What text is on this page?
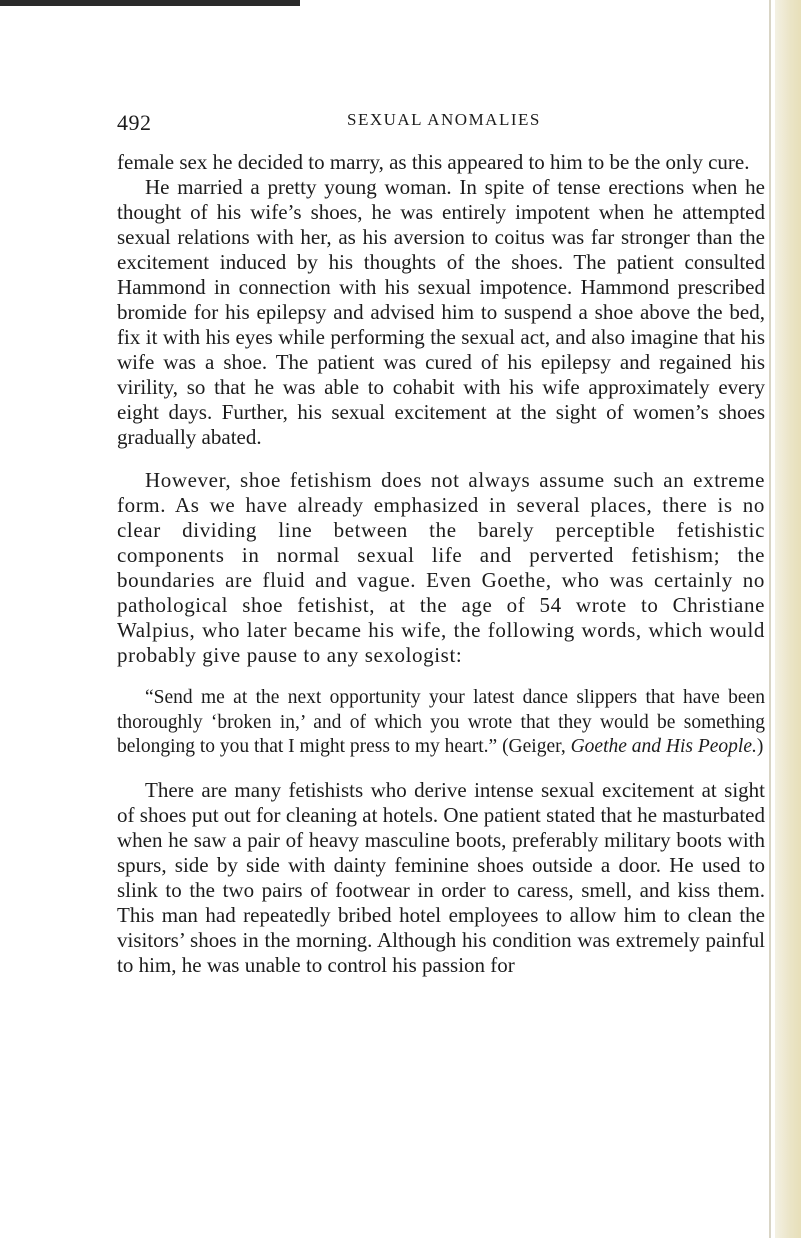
492	SEXUAL ANOMALIES

female sex he decided to marry, as this appeared to him to be the only cure.

He married a pretty young woman. In spite of tense erections when he thought of his wife’s shoes, he was entirely impotent when he attempted sexual relations with her, as his aversion to coitus was far stronger than the excitement induced by his thoughts of the shoes. The patient consulted Hammond in connection with his sexual impotence. Hammond prescribed bromide for his epilepsy and advised him to suspend a shoe above the bed, fix it with his eyes while performing the sexual act, and also imagine that his wife was a shoe. The patient was cured of his epilepsy and regained his virility, so that he was able to cohabit with his wife approximately every eight days. Further, his sexual excitement at the sight of women’s shoes gradually abated.

However, shoe fetishism does not always assume such an extreme form. As we have already emphasized in several places, there is no clear dividing line between the barely perceptible fetishistic components in normal sexual life and perverted fetishism; the boundaries are fluid and vague. Even Goethe, who was certainly no pathological shoe fetishist, at the age of 54 wrote to Christiane Walpius, who later became his wife, the following words, which would probably give pause to any sexologist:

“Send me at the next opportunity your latest dance slippers that have been thoroughly ‘broken in,’ and of which you wrote that they would be something belonging to you that I might press to my heart.” (Geiger, Goethe and His People.)

There are many fetishists who derive intense sexual excitement at sight of shoes put out for cleaning at hotels. One patient stated that he masturbated when he saw a pair of heavy masculine boots, preferably military boots with spurs, side by side with dainty feminine shoes outside a door. He used to slink to the two pairs of footwear in order to caress, smell, and kiss them. This man had repeatedly bribed hotel employees to allow him to clean the visitors’ shoes in the morning. Although his condition was extremely painful to him, he was unable to control his passion for
